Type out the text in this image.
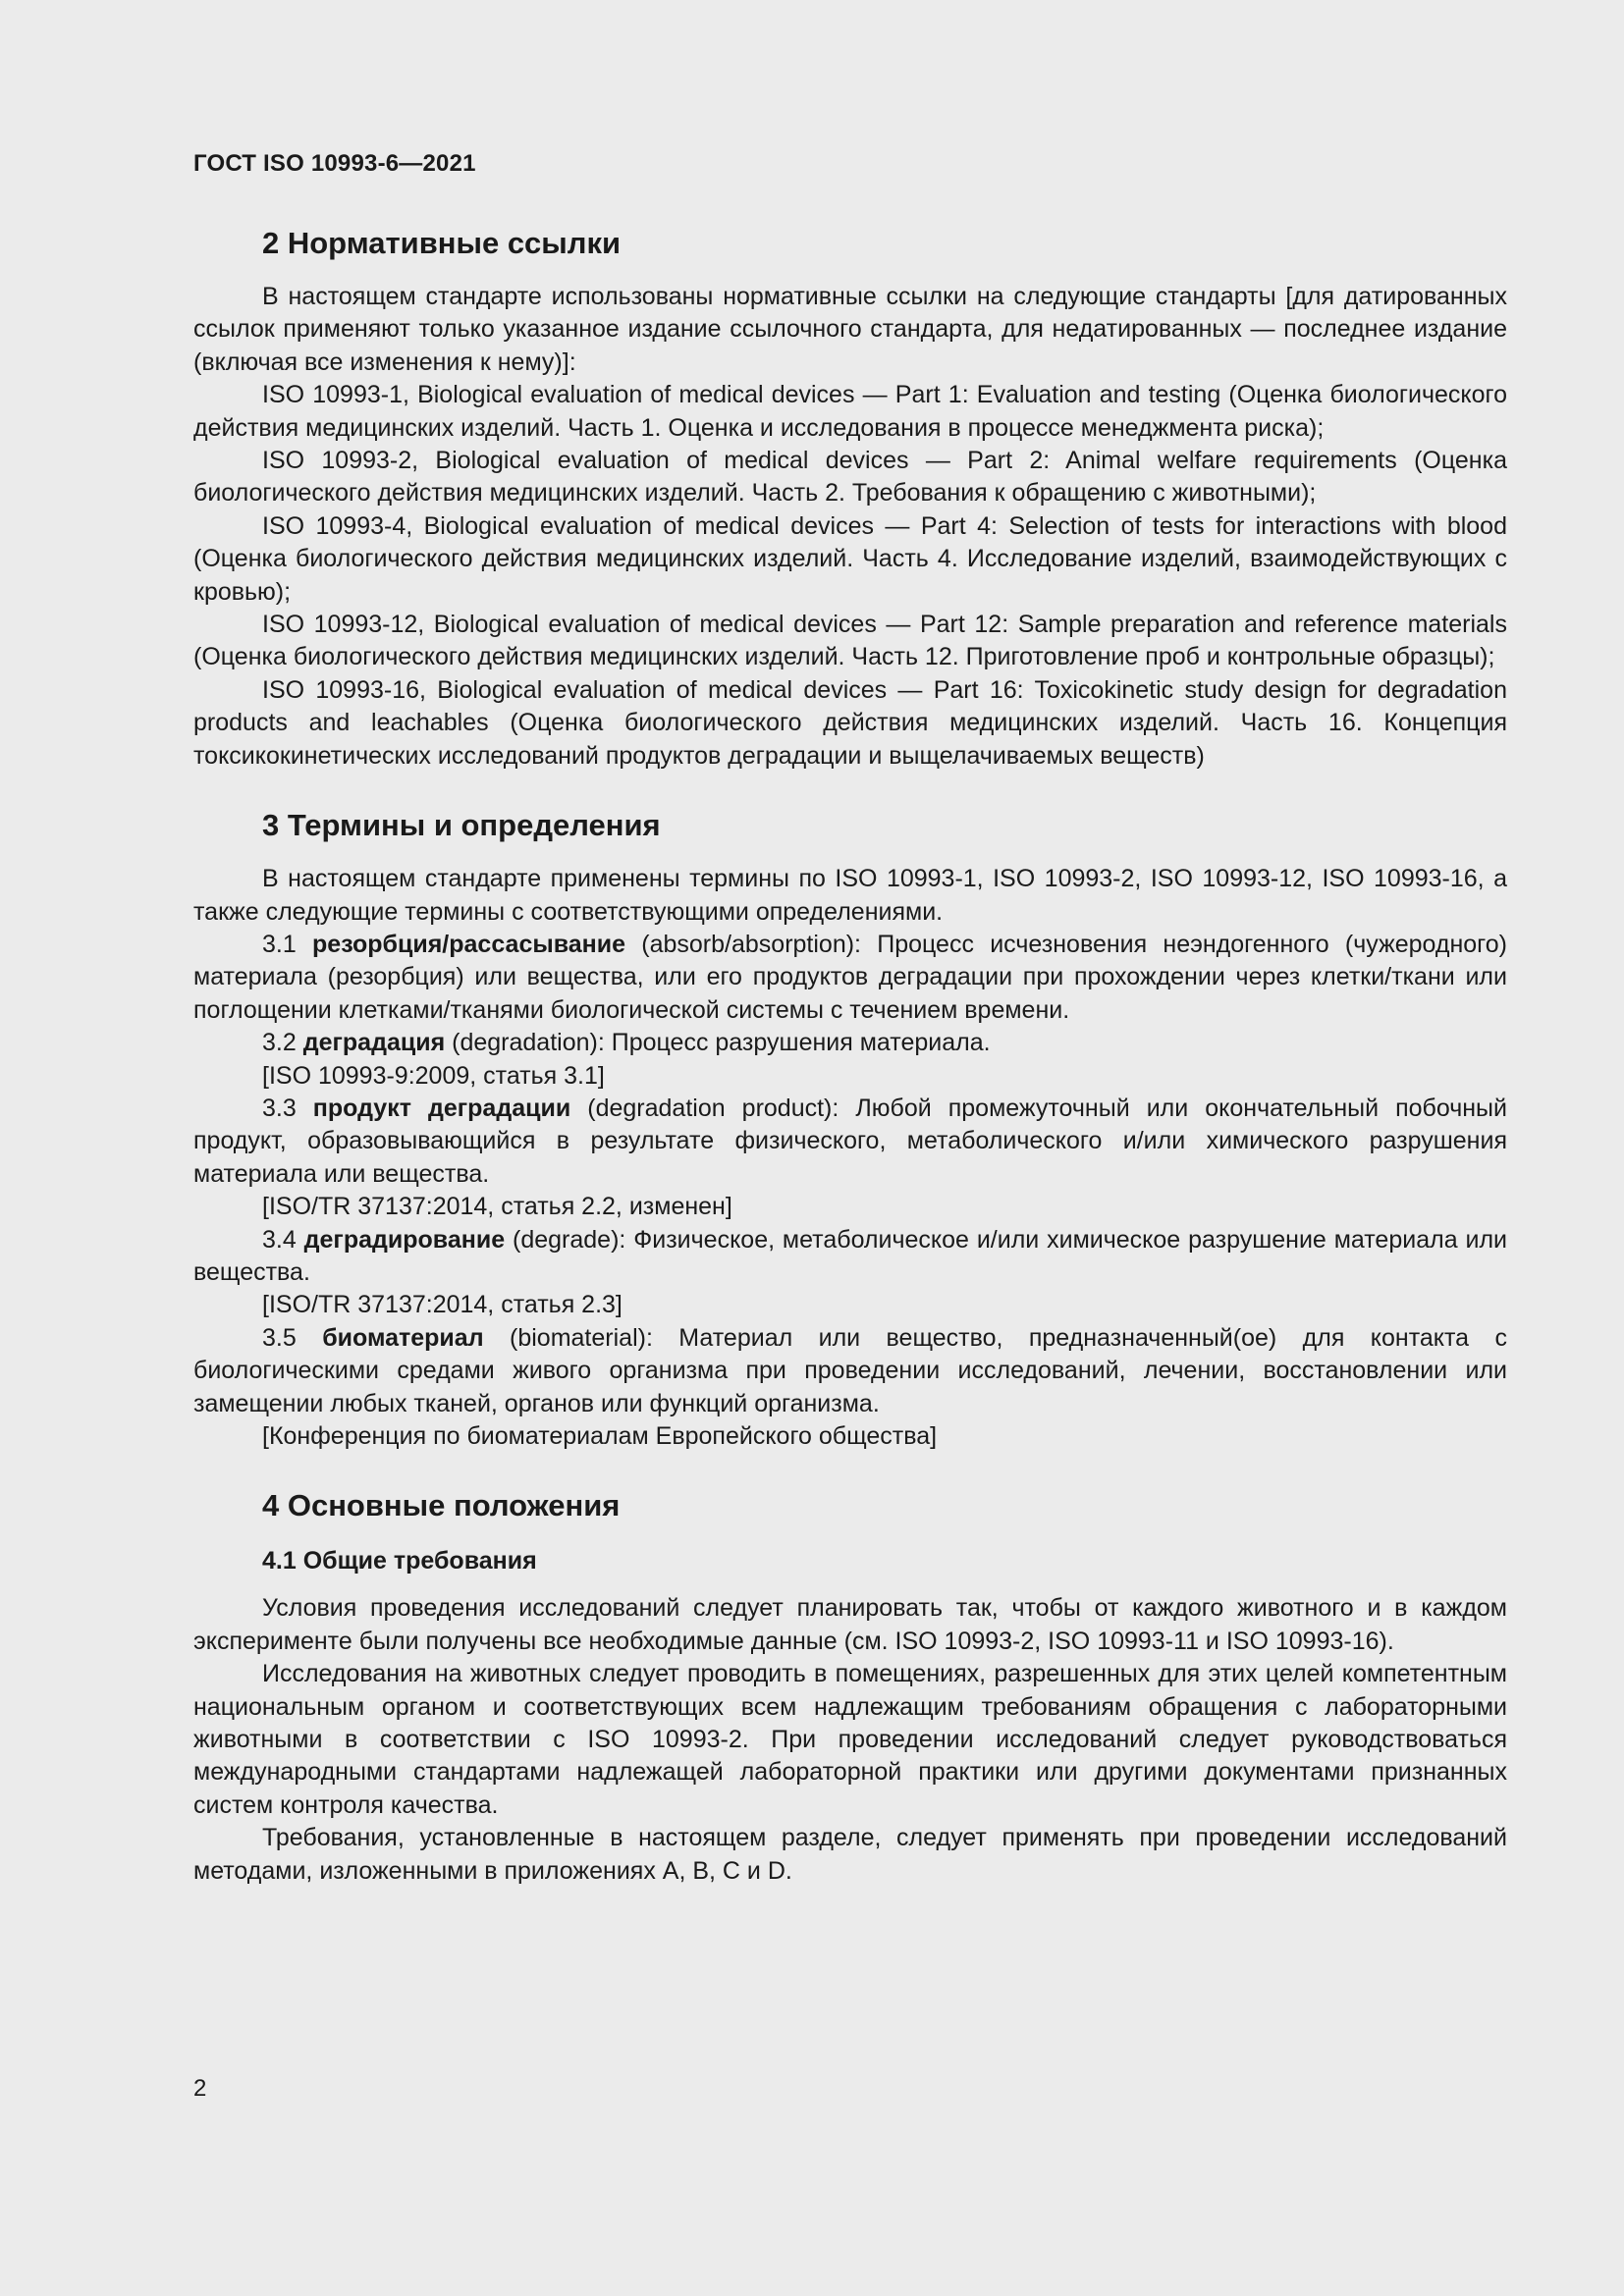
ГОСТ ISO 10993-6—2021
2 Нормативные ссылки

В настоящем стандарте использованы нормативные ссылки на следующие стандарты [для датированных ссылок применяют только указанное издание ссылочного стандарта, для недатированных — последнее издание (включая все изменения к нему)]:

ISO 10993-1, Biological evaluation of medical devices — Part 1: Evaluation and testing (Оценка биологического действия медицинских изделий. Часть 1. Оценка и исследования в процессе менеджмента риска);

ISO 10993-2, Biological evaluation of medical devices — Part 2: Animal welfare requirements (Оценка биологического действия медицинских изделий. Часть 2. Требования к обращению с животными);

ISO 10993-4, Biological evaluation of medical devices — Part 4: Selection of tests for interactions with blood (Оценка биологического действия медицинских изделий. Часть 4. Исследование изделий, взаимодействующих с кровью);

ISO 10993-12, Biological evaluation of medical devices — Part 12: Sample preparation and reference materials (Оценка биологического действия медицинских изделий. Часть 12. Приготовление проб и контрольные образцы);

ISO 10993-16, Biological evaluation of medical devices — Part 16: Toxicokinetic study design for degradation products and leachables (Оценка биологического действия медицинских изделий. Часть 16. Концепция токсикокинетических исследований продуктов деградации и выщелачиваемых веществ)

3 Термины и определения

В настоящем стандарте применены термины по ISO 10993-1, ISO 10993-2, ISO 10993-12, ISO 10993-16, а также следующие термины с соответствующими определениями.

3.1 резорбция/рассасывание (absorb/absorption): Процесс исчезновения неэндогенного (чужеродного) материала (резорбция) или вещества, или его продуктов деградации при прохождении через клетки/ткани или поглощении клетками/тканями биологической системы с течением времени.

3.2 деградация (degradation): Процесс разрушения материала.

[ISO 10993-9:2009, статья 3.1]

3.3 продукт деградации (degradation product): Любой промежуточный или окончательный побочный продукт, образовывающийся в результате физического, метаболического и/или химического разрушения материала или вещества.

[ISO/TR 37137:2014, статья 2.2, изменен]

3.4 деградирование (degrade): Физическое, метаболическое и/или химическое разрушение материала или вещества.

[ISO/TR 37137:2014, статья 2.3]

3.5 биоматериал (biomaterial): Материал или вещество, предназначенный(ое) для контакта с биологическими средами живого организма при проведении исследований, лечении, восстановлении или замещении любых тканей, органов или функций организма.

[Конференция по биоматериалам Европейского общества]

4 Основные положения
4.1 Общие требования

Условия проведения исследований следует планировать так, чтобы от каждого животного и в каждом эксперименте были получены все необходимые данные (см. ISO 10993-2, ISO 10993-11 и ISO 10993-16).

Исследования на животных следует проводить в помещениях, разрешенных для этих целей компетентным национальным органом и соответствующих всем надлежащим требованиям обращения с лабораторными животными в соответствии с ISO 10993-2. При проведении исследований следует руководствоваться международными стандартами надлежащей лабораторной практики или другими документами признанных систем контроля качества.

Требования, установленные в настоящем разделе, следует применять при проведении исследований методами, изложенными в приложениях A, B, C и D.

2
